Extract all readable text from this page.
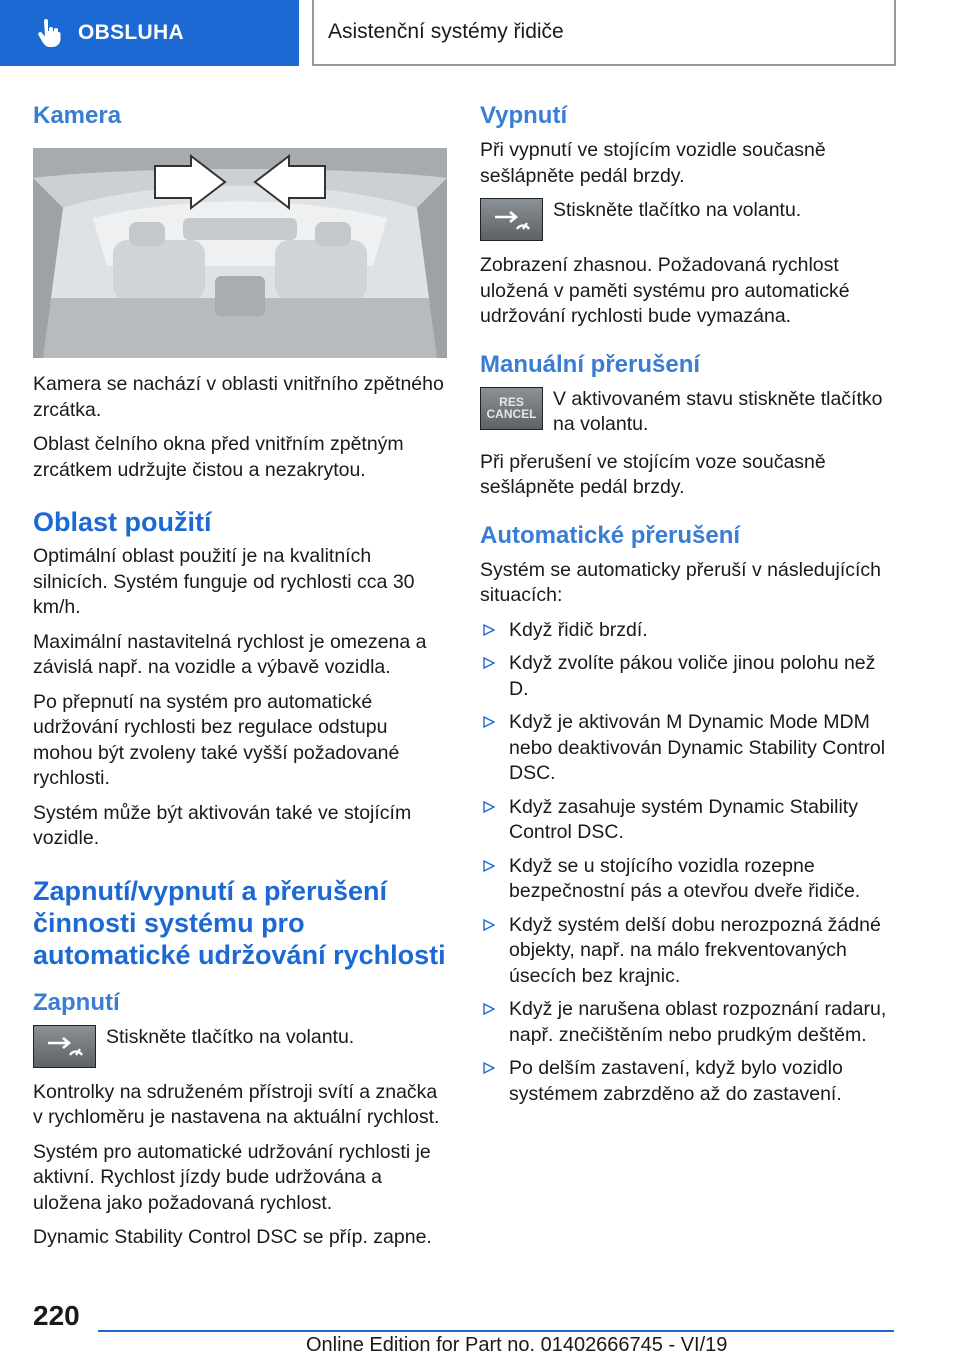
OBSLUHA	Asistenční systémy řidiče
Kamera

Kamera se nachází v oblasti vnitřního zpětného zrcátka.

Oblast čelního okna před vnitřním zpětným zrcátkem udržujte čistou a nezakrytou.

Oblast použití

Optimální oblast použití je na kvalitních silnicích. Systém funguje od rychlosti cca 30 km/h.

Maximální nastavitelná rychlost je omezena a závislá např. na vozidle a výbavě vozidla.

Po přepnutí na systém pro automatické udržování rychlosti bez regulace odstupu mohou být zvoleny také vyšší požadované rychlosti.

Systém může být aktivován také ve stojícím vozidle.

Zapnutí/vypnutí a přerušení činnosti systému pro automatické udržování rychlosti
Zapnutí

Stiskněte tlačítko na volantu.

Kontrolky na sdruženém přístroji svítí a značka v rychloměru je nastavena na aktuální rychlost.

Systém pro automatické udržování rychlosti je aktivní. Rychlost jízdy bude udržována a uložena jako požadovaná rychlost.

Dynamic Stability Control DSC se příp. zapne.

Vypnutí

Při vypnutí ve stojícím vozidle současně sešlápněte pedál brzdy.

Stiskněte tlačítko na volantu.

Zobrazení zhasnou. Požadovaná rychlost uložená v paměti systému pro automatické udržování rychlosti bude vymazána.

Manuální přerušení
RES
CANCEL

V aktivovaném stavu stiskněte tlačítko na volantu.

Při přerušení ve stojícím voze současně sešlápněte pedál brzdy.

Automatické přerušení

Systém se automaticky přeruší v následujících situacích:

Když řidič brzdí.
Když zvolíte pákou voliče jinou polohu než D.
Když je aktivován M Dynamic Mode MDM nebo deaktivován Dynamic Stability Control DSC.
Když zasahuje systém Dynamic Stability Control DSC.
Když se u stojícího vozidla rozepne bezpečnostní pás a otevřou dveře řidiče.
Když systém delší dobu nerozpozná žádné objekty, např. na málo frekventovaných úsecích bez krajnic.
Když je narušena oblast rozpoznání radaru, např. znečištěním nebo prudkým deštěm.
Po delším zastavení, když bylo vozidlo systémem zabrzděno až do zastavení.
220
Online Edition for Part no. 01402666745 - VI/19
